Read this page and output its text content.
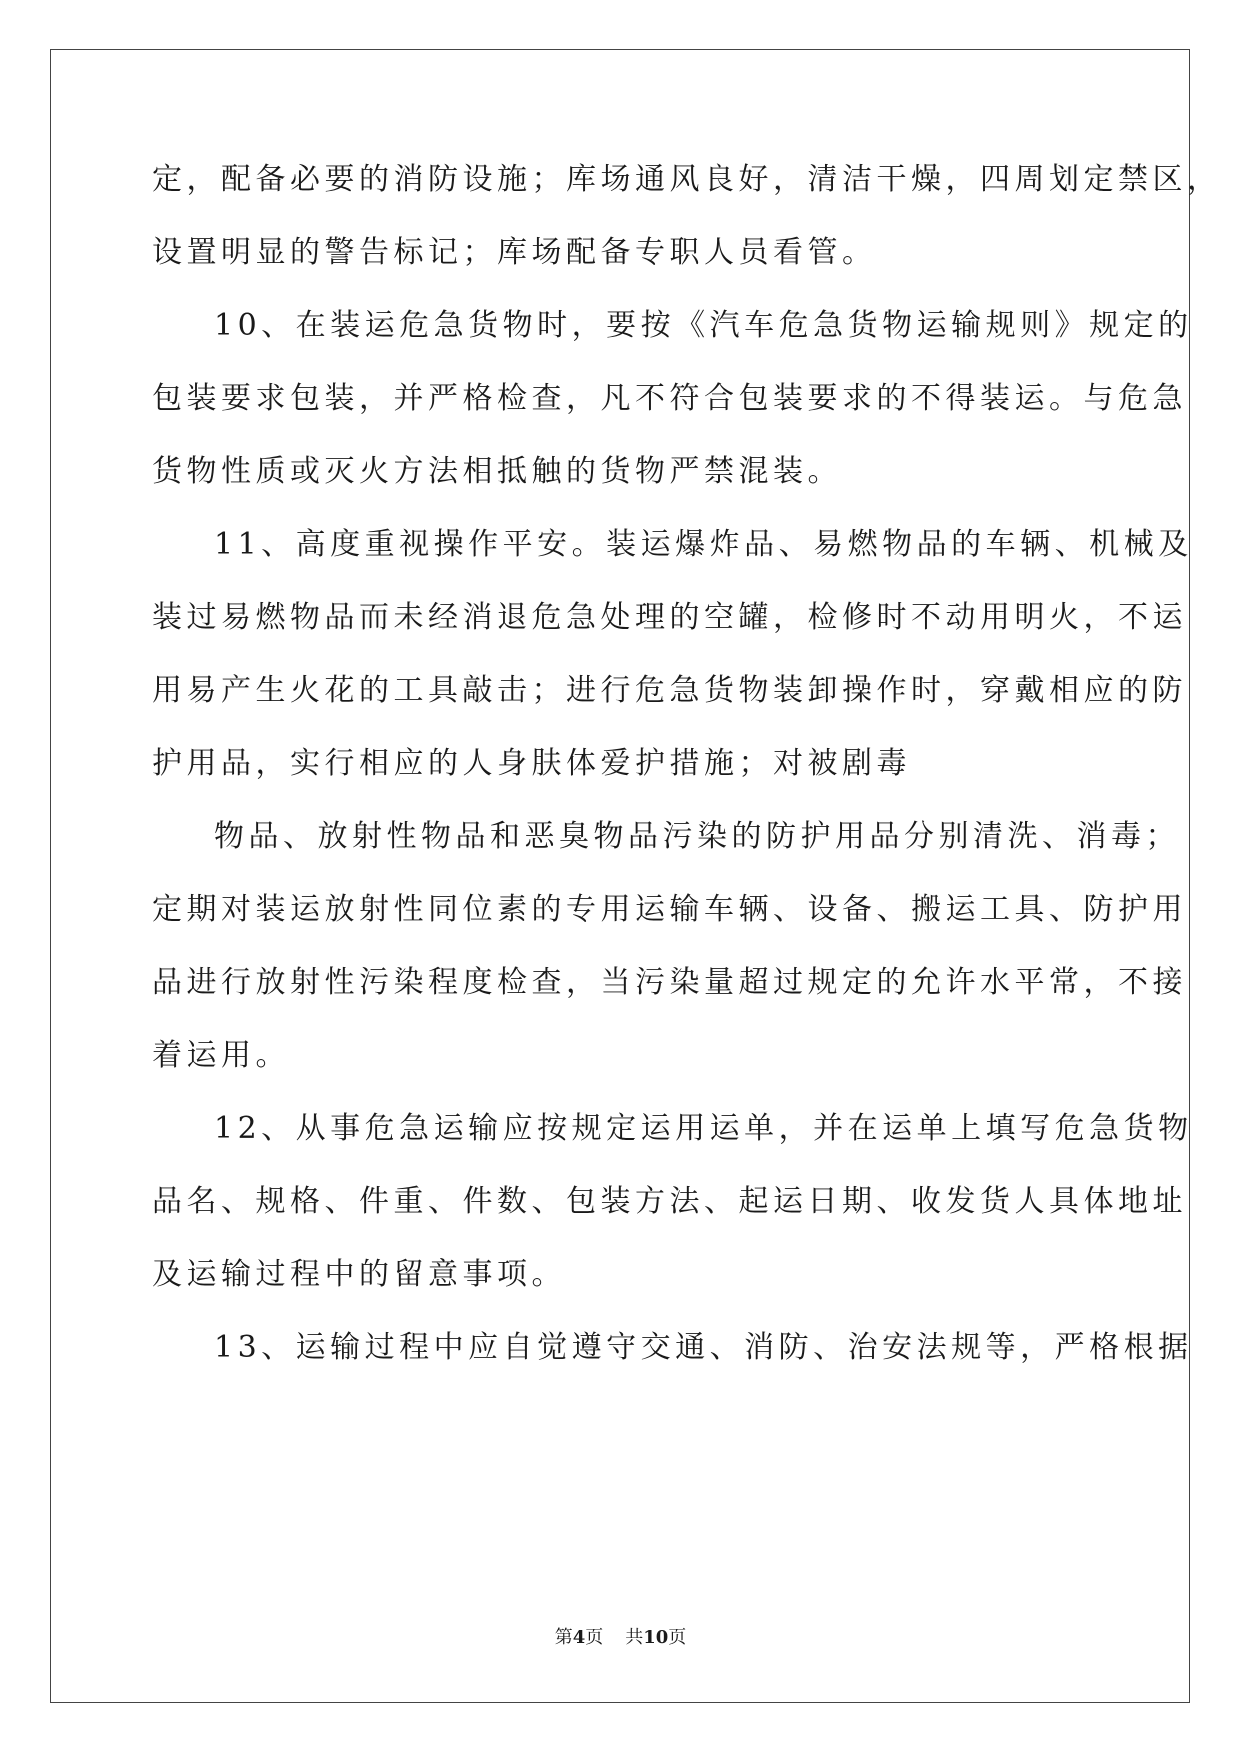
定，配备必要的消防设施；库场通风良好，清洁干燥，四周划定禁区，
设置明显的警告标记；库场配备专职人员看管。
10、在装运危急货物时，要按《汽车危急货物运输规则》规定的
包装要求包装，并严格检查，凡不符合包装要求的不得装运。与危急
货物性质或灭火方法相抵触的货物严禁混装。
11、高度重视操作平安。装运爆炸品、易燃物品的车辆、机械及
装过易燃物品而未经消退危急处理的空罐，检修时不动用明火，不运
用易产生火花的工具敲击；进行危急货物装卸操作时，穿戴相应的防
护用品，实行相应的人身肤体爱护措施；对被剧毒
物品、放射性物品和恶臭物品污染的防护用品分别清洗、消毒；
定期对装运放射性同位素的专用运输车辆、设备、搬运工具、防护用
品进行放射性污染程度检查，当污染量超过规定的允许水平常，不接
着运用。
12、从事危急运输应按规定运用运单，并在运单上填写危急货物
品名、规格、件重、件数、包装方法、起运日期、收发货人具体地址
及运输过程中的留意事项。
13、运输过程中应自觉遵守交通、消防、治安法规等，严格根据
第4页 共10页
